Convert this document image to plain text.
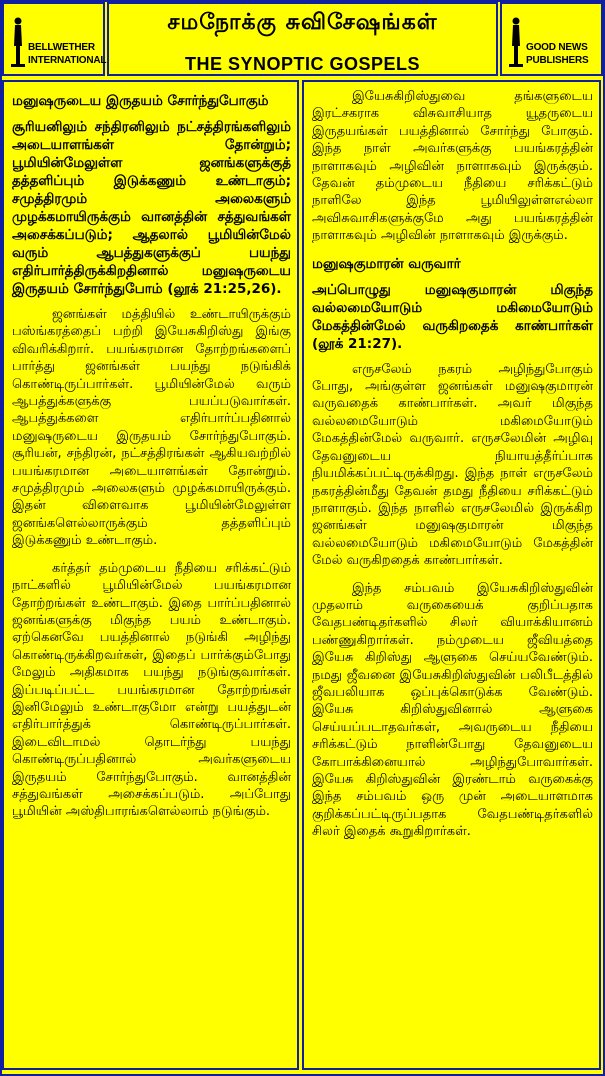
BELLWETHER
INTERNATIONAL
சமநோக்கு சுவிசேஷங்கள்
THE SYNOPTIC GOSPELS
GOOD NEWS
PUBLISHERS
மனுஷருடைய இருதயம் சோர்ந்துபோகும்
சூரியனிலும் சந்திரனிலும் நட்சத்திரங்களிலும் அடையாளங்கள் தோன்றும்; பூமியின்மேலுள்ள ஜனங்களுக்குத் தத்தளிப்பும் இடுக்கணும் உண்டாகும்; சமுத்திரமும் அலைகளும் முழக்கமாயிருக்கும் வானத்தின் சத்துவங்கள் அசைக்கப்படும்; ஆதலால் பூமியின்மேல் வரும் ஆபத்துகளுக்குப் பயந்து எதிர்பார்த்திருக்கிறதினால் மனுஷருடைய இருதயம் சோர்ந்துபோம் (லூக் 21:25,26).

ஜனங்கள் மத்தியில் உண்டாயிருக்கும் பஸ்ங்கரத்தைப் பற்றி இயேசுகிறிஸ்து இங்கு விவரிக்கிறார். பயங்கரமான தோற்றங்களைப் பார்த்து ஜனங்கள் பயந்து நடுங்கிக் கொண்டிருப்பார்கள். பூமியின்மேல் வரும் ஆபத்துக்களுக்கு பயப்படுவார்கள். ஆபத்துக்களை எதிர்பார்ப்பதினால் மனுஷருடைய இருதயம் சோர்ந்துபோகும். சூரியன், சந்திரன், நட்சத்திரங்கள் ஆகியவற்றில் பயங்கரமான அடையாளங்கள் தோன்றும். சமுத்திரமும் அலைகளும் முழக்கமாயிருக்கும். இதன் விளைவாக பூமியின்மேலுள்ள ஜனங்களெல்லாருக்கும் தத்தளிப்பும் இடுக்கணும் உண்டாகும்.

கர்த்தர் தம்முடைய நீதியை சரிக்கட்டும் நாட்களில் பூமியின்மேல் பயங்கரமான தோற்றங்கள் உண்டாகும். இதை பார்ப்பதினால் ஜனங்களுக்கு மிகுந்த பயம் உண்டாகும். ஏற்கெனவே பயத்தினால் நடுங்கி அழிந்து கொண்டிருக்கிறவர்கள், இதைப் பார்க்கும்போது மேலும் அதிகமாக பயந்து நடுங்குவார்கள். இப்படிப்பட்ட பயங்கரமான தோற்றங்கள் இனிமேலும் உண்டாகுமோ என்று பயத்துடன் எதிர்பார்த்துக் கொண்டிருப்பார்கள். இடைவிடாமல் தொடர்ந்து பயந்து கொண்டிருப்பதினால் அவர்களுடைய இருதயம் சோர்ந்துபோகும். வானத்தின் சத்துவங்கள் அசைக்கப்படும். அப்போது பூமியின் அஸ்திபாரங்களெல்லாம் நடுங்கும்.

இயேசுகிறிஸ்துவை தங்களுடைய இரட்சகராக விசுவாசியாத யூதருடைய இருதயங்கள் பயத்தினால் சோர்ந்து போகும். இந்த நாள் அவர்களுக்கு பயங்கரத்தின் நாளாகவும் அழிவின் நாளாகவும் இருக்கும். தேவன் தம்முடைய நீதியை சரிக்கட்டும் நாளிலே இந்த பூமியிலுள்ளஎல்லா அவிசுவாசிகளுக்குமே அது பயங்கரத்தின் நாளாகவும் அழிவின் நாளாகவும் இருக்கும்.

மனுஷகுமாரன் வருவார்
அப்பொழுது மனுஷகுமாரன் மிகுந்த வல்லமையோடும் மகிமையோடும் மேகத்தின்மேல் வருகிறதைக் காண்பார்கள் (லூக் 21:27).

எருசலேம் நகரம் அழிந்துபோகும் போது, அங்குள்ள ஜனங்கள் மனுஷகுமாரன் வருவதைக் காண்பார்கள். அவர் மிகுந்த வல்லமையோடும் மகிமையோடும் மேகத்தின்மேல் வருவார். எருசலேமின் அழிவு தேவனுடைய நியாயத்தீர்ப்பாக நியமிக்கப்பட்டிருக்கிறது. இந்த நாள் எருசலேம் நகரத்தின்மீது தேவன் தமது நீதியை சரிக்கட்டும் நாளாகும். இந்த நாளில் எருசலேமில் இருக்கிற ஜனங்கள் மனுஷகுமாரன் மிகுந்த வல்லமையோடும் மகிமையோடும் மேகத்தின் மேல் வருகிறதைக் காண்பார்கள்.

இந்த சம்பவம் இயேசுகிறிஸ்துவின் முதலாம் வருகையைக் குறிப்பதாக வேதபண்டிதர்களில் சிலர் வியாக்கியானம் பண்ணுகிறார்கள். நம்முடைய ஜீவியத்தை இயேசு கிறிஸ்து ஆளுகை செய்யவேண்டும். நமது ஜீவனை இயேசுகிறிஸ்துவின் பலிபீடத்தில் ஜீவபலியாக ஒப்புக்கொடுக்க வேண்டும். இயேசு கிறிஸ்துவினால் ஆளுகை செய்யப்படாதவர்கள், அவருடைய நீதியை சரிக்கட்டும் நாளின்போது தேவனுடைய கோபாக்கினையால் அழிந்துபோவார்கள். இயேசு கிறிஸ்துவின் இரண்டாம் வருகைக்கு இந்த சம்பவம் ஒரு முன் அடையாளமாக குறிக்கப்பட்டிருப்பதாக வேதபண்டிதர்களில் சிலர் இதைக் கூறுகிறார்கள்.
